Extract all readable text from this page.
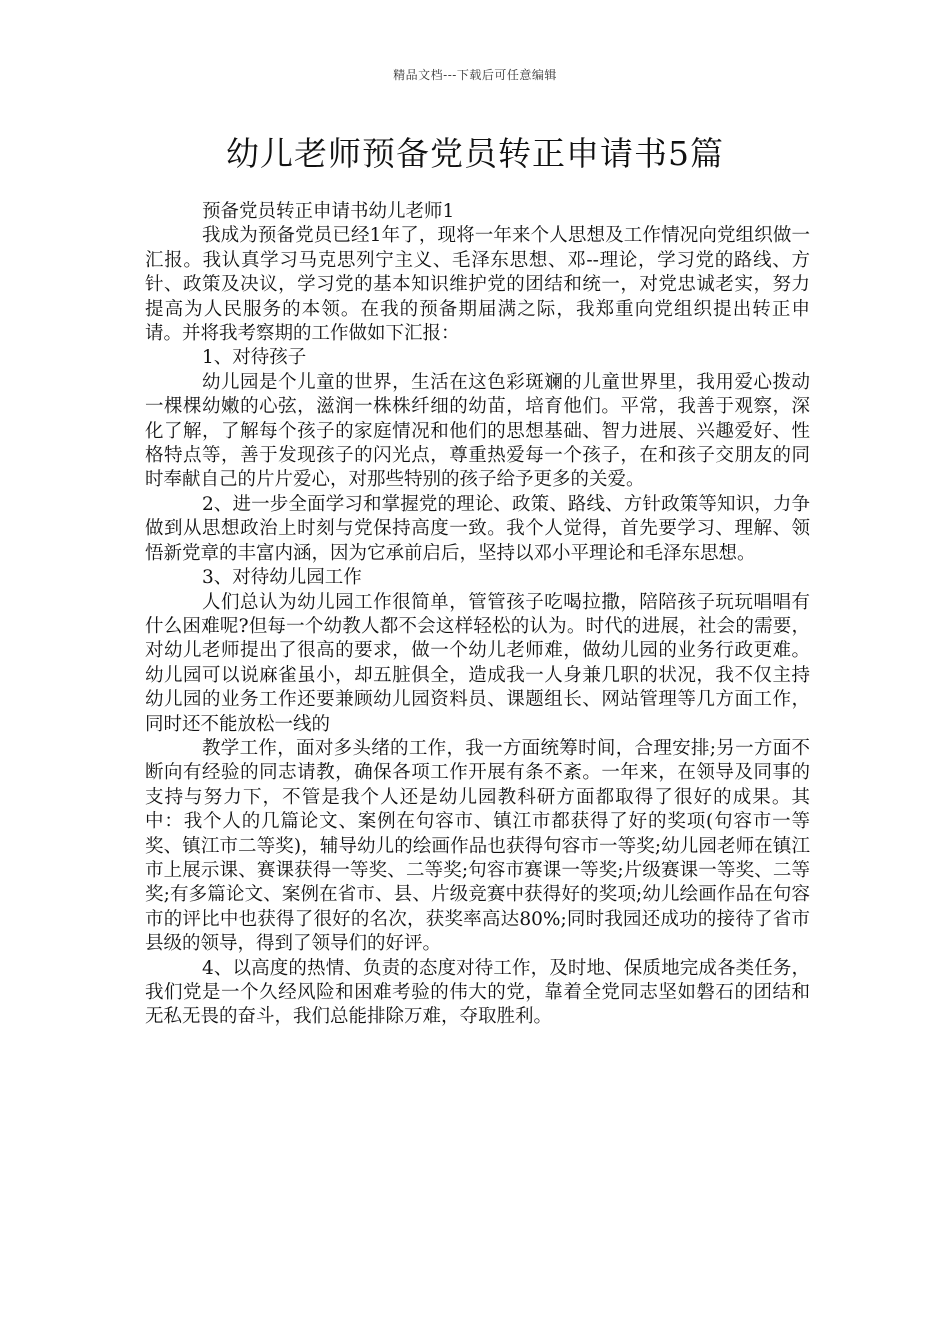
精品文档---下载后可任意编辑
幼儿老师预备党员转正申请书5篇

预备党员转正申请书幼儿老师1

我成为预备党员已经1年了，现将一年来个人思想及工作情况向党组织做一汇报。我认真学习马克思列宁主义、毛泽东思想、邓--理论，学习党的路线、方针、政策及决议，学习党的基本知识维护党的团结和统一，对党忠诚老实，努力提高为人民服务的本领。在我的预备期届满之际，我郑重向党组织提出转正申请。并将我考察期的工作做如下汇报：

1、对待孩子

幼儿园是个儿童的世界，生活在这色彩斑斓的儿童世界里，我用爱心拨动一棵棵幼嫩的心弦，滋润一株株纤细的幼苗，培育他们。平常，我善于观察，深化了解，了解每个孩子的家庭情况和他们的思想基础、智力进展、兴趣爱好、性格特点等，善于发现孩子的闪光点，尊重热爱每一个孩子，在和孩子交朋友的同时奉献自己的片片爱心，对那些特别的孩子给予更多的关爱。

2、进一步全面学习和掌握党的理论、政策、路线、方针政策等知识，力争做到从思想政治上时刻与党保持高度一致。我个人觉得，首先要学习、理解、领悟新党章的丰富内涵，因为它承前启后，坚持以邓小平理论和毛泽东思想。

3、对待幼儿园工作

人们总认为幼儿园工作很简单，管管孩子吃喝拉撒，陪陪孩子玩玩唱唱有什么困难呢?但每一个幼教人都不会这样轻松的认为。时代的进展，社会的需要，对幼儿老师提出了很高的要求，做一个幼儿老师难，做幼儿园的业务行政更难。幼儿园可以说麻雀虽小，却五脏俱全，造成我一人身兼几职的状况，我不仅主持幼儿园的业务工作还要兼顾幼儿园资料员、课题组长、网站管理等几方面工作，同时还不能放松一线的

教学工作，面对多头绪的工作，我一方面统筹时间，合理安排;另一方面不断向有经验的同志请教，确保各项工作开展有条不紊。一年来，在领导及同事的支持与努力下，不管是我个人还是幼儿园教科研方面都取得了很好的成果。其中：我个人的几篇论文、案例在句容市、镇江市都获得了好的奖项(句容市一等奖、镇江市二等奖)，辅导幼儿的绘画作品也获得句容市一等奖;幼儿园老师在镇江市上展示课、赛课获得一等奖、二等奖;句容市赛课一等奖;片级赛课一等奖、二等奖;有多篇论文、案例在省市、县、片级竞赛中获得好的奖项;幼儿绘画作品在句容市的评比中也获得了很好的名次，获奖率高达80%;同时我园还成功的接待了省市县级的领导，得到了领导们的好评。

4、以高度的热情、负责的态度对待工作，及时地、保质地完成各类任务，我们党是一个久经风险和困难考验的伟大的党，靠着全党同志坚如磐石的团结和无私无畏的奋斗，我们总能排除万难，夺取胜利。
